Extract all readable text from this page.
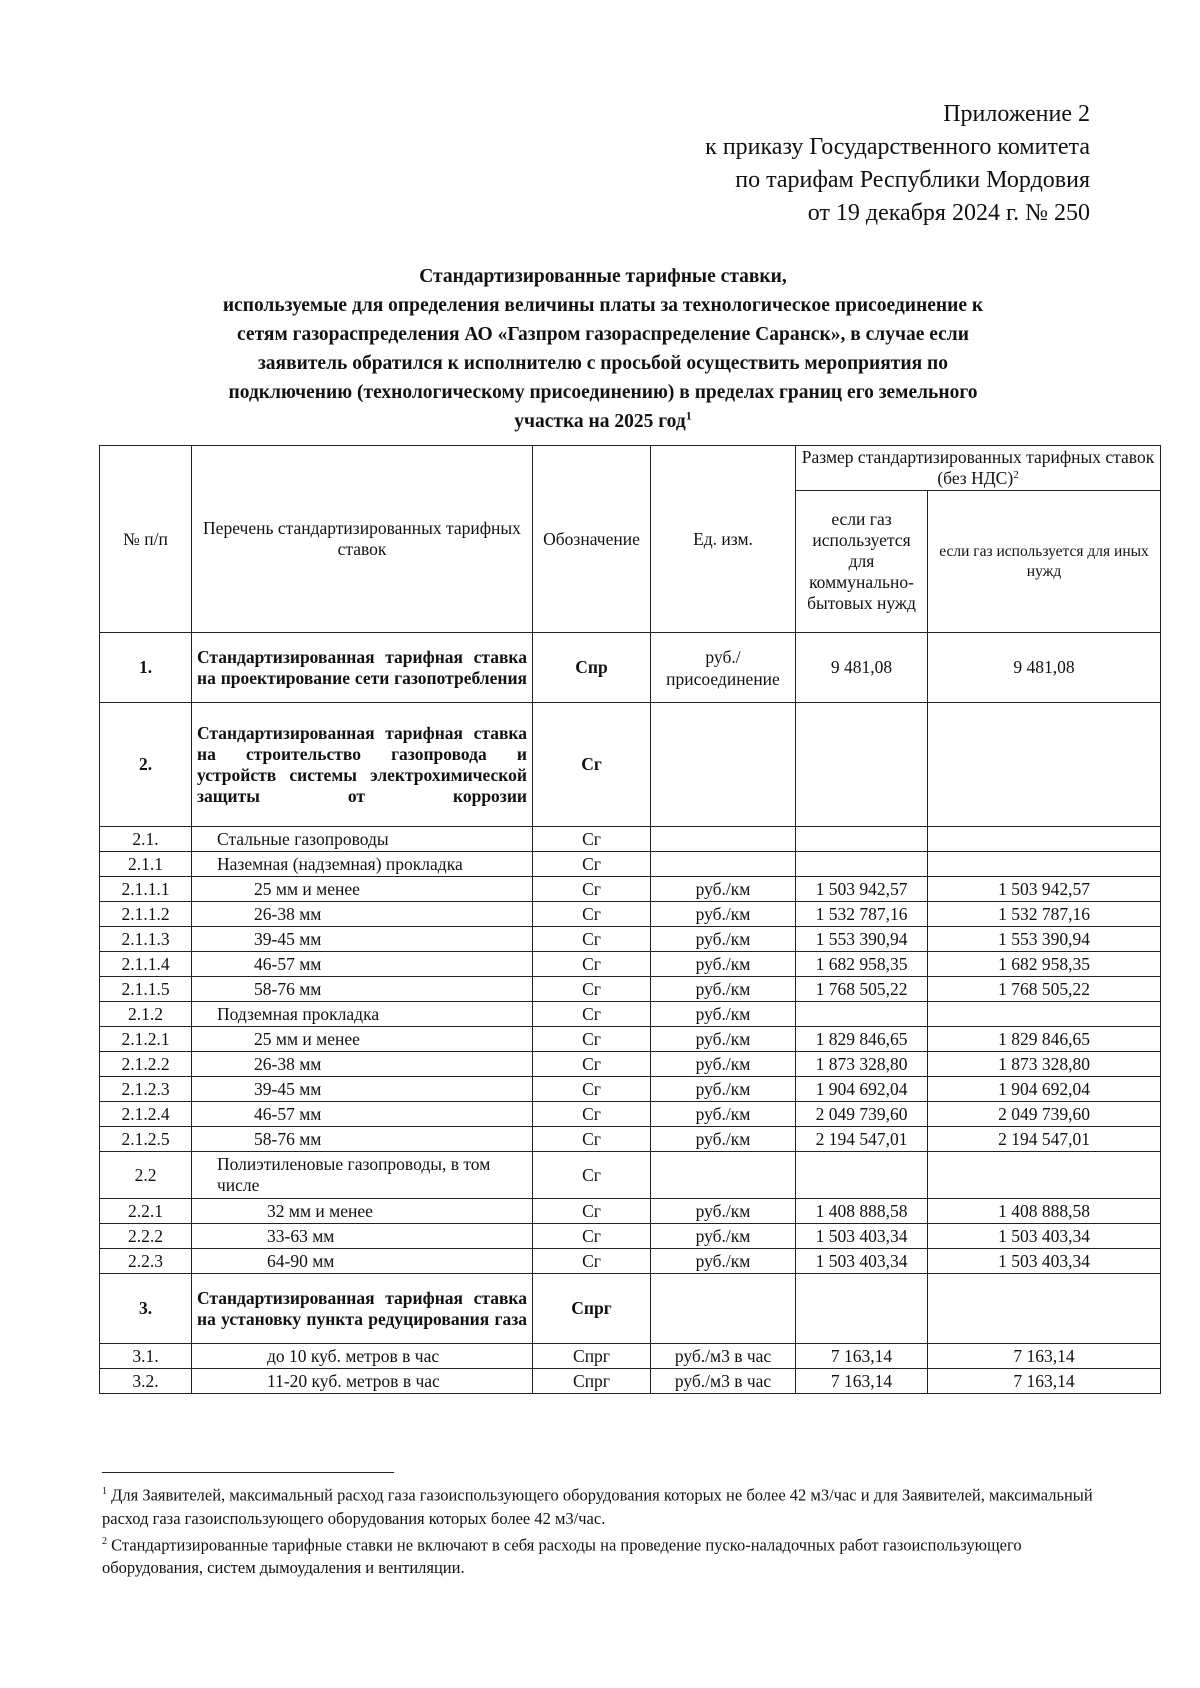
Приложение 2
к приказу Государственного комитета
по тарифам Республики Мордовия
от 19 декабря 2024 г. № 250
Стандартизированные тарифные ставки,
используемые для определения величины платы за технологическое присоединение к
сетям газораспределения АО «Газпром газораспределение Саранск», в случае если
заявитель обратился к исполнителю с просьбой осуществить мероприятия по
подключению (технологическому присоединению) в пределах границ его земельного
участка на 2025 год$^1$
№ п/п	Перечень стандартизированных тарифных ставок	Обозначение	Ед. изм.	Размер стандартизированных тарифных ставок (без НДС)$^2$
				если газ используется для коммунально-бытовых нужд	если газ используется для иных нужд
1.	Стандартизированная тарифная ставка на проектирование сети газопотребления	Cпр	руб./присоединение	9 481,08	9 481,08
2.	Стандартизированная тарифная ставка на строительство газопровода и устройств системы электрохимической защиты от коррозии	Cг			
2.1.	Стальные газопроводы	Cг			
2.1.1	Наземная (надземная) прокладка	Cг			
2.1.1.1	25 мм и менее	Cг	руб./км	1 503 942,57	1 503 942,57
2.1.1.2	26-38 мм	Cг	руб./км	1 532 787,16	1 532 787,16
2.1.1.3	39-45 мм	Cг	руб./км	1 553 390,94	1 553 390,94
2.1.1.4	46-57 мм	Cг	руб./км	1 682 958,35	1 682 958,35
2.1.1.5	58-76 мм	Cг	руб./км	1 768 505,22	1 768 505,22
2.1.2	Подземная прокладка	Cг	руб./км		
2.1.2.1	25 мм и менее	Cг	руб./км	1 829 846,65	1 829 846,65
2.1.2.2	26-38 мм	Cг	руб./км	1 873 328,80	1 873 328,80
2.1.2.3	39-45 мм	Cг	руб./км	1 904 692,04	1 904 692,04
2.1.2.4	46-57 мм	Cг	руб./км	2 049 739,60	2 049 739,60
2.1.2.5	58-76 мм	Cг	руб./км	2 194 547,01	2 194 547,01
2.2	Полиэтиленовые газопроводы, в том числе	Cг			
2.2.1	32 мм и менее	Cг	руб./км	1 408 888,58	1 408 888,58
2.2.2	33-63 мм	Cг	руб./км	1 503 403,34	1 503 403,34
2.2.3	64-90 мм	Cг	руб./км	1 503 403,34	1 503 403,34
3.	Стандартизированная тарифная ставка на установку пункта редуцирования газа	Cпрг			
3.1.	до 10 куб. метров в час	Cпрг	руб./м3 в час	7 163,14	7 163,14
3.2.	11-20 куб. метров в час	Cпрг	руб./м3 в час	7 163,14	7 163,14
$^1$ Для Заявителей, максимальный расход газа газоиспользующего оборудования которых не более 42 м3/час и для Заявителей, максимальный расход газа газоиспользующего оборудования которых более 42 м3/час.
$^2$ Стандартизированные тарифные ставки не включают в себя расходы на проведение пуско-наладочных работ газоиспользующего оборудования, систем дымоудаления и вентиляции.
